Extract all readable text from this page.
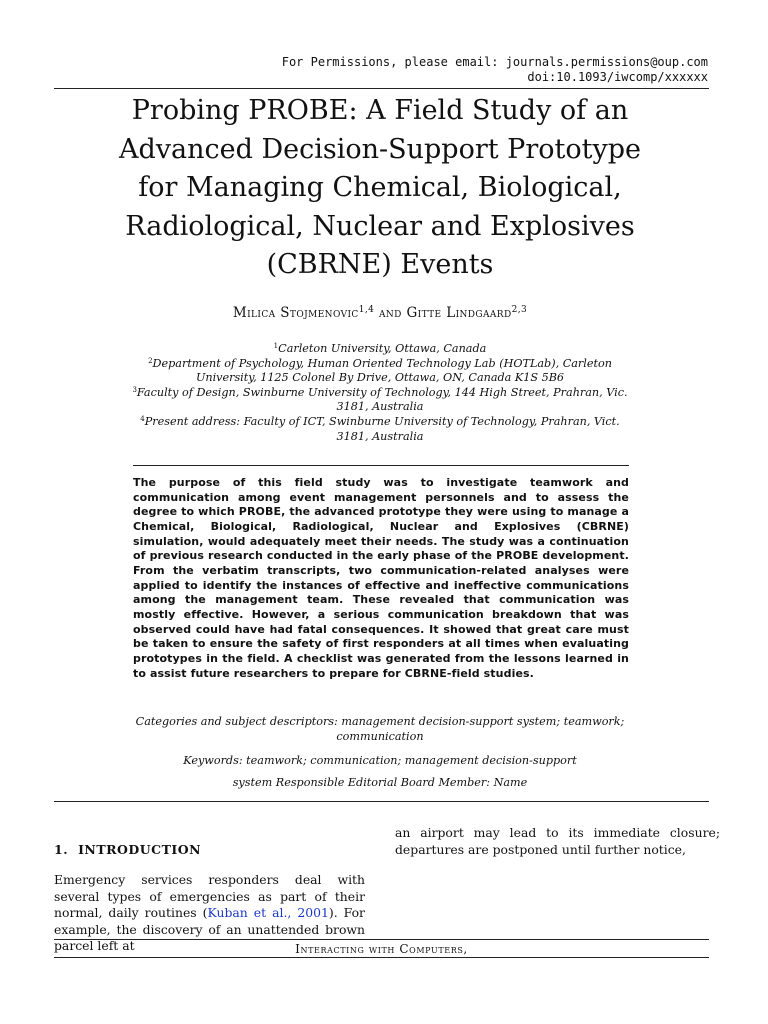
For Permissions, please email: journals.permissions@oup.com
doi:10.1093/iwcomp/xxxxxx
Probing PROBE: A Field Study of an
Advanced Decision-Support Prototype
for Managing Chemical, Biological,
Radiological, Nuclear and Explosives
(CBRNE) Events
Milica Stojmenovic$^{1,4}$ and Gitte Lindgaard$^{2,3}$

$^1$Carleton University, Ottawa, Canada

$^2$Department of Psychology, Human Oriented Technology Lab (HOTLab), Carleton University, 1125 Colonel By Drive, Ottawa, ON, Canada K1S 5B6

$^3$Faculty of Design, Swinburne University of Technology, 144 High Street, Prahran, Vic. 3181, Australia

$^4$Present address: Faculty of ICT, Swinburne University of Technology, Prahran, Vict. 3181, Australia

The purpose of this field study was to investigate teamwork and communication among event management personnels and to assess the degree to which PROBE, the advanced prototype they were using to manage a Chemical, Biological, Radiological, Nuclear and Explosives (CBRNE) simulation, would adequately meet their needs. The study was a continuation of previous research conducted in the early phase of the PROBE development. From the verbatim transcripts, two communication-related analyses were applied to identify the instances of effective and ineffective communications among the management team. These revealed that communication was mostly effective. However, a serious communication breakdown that was observed could have had fatal consequences. It showed that great care must be taken to ensure the safety of first responders at all times when evaluating prototypes in the field. A checklist was generated from the lessons learned in to assist future researchers to prepare for CBRNE-field studies.

Categories and subject descriptors: management decision-support system; teamwork; communication
Keywords: teamwork; communication; management decision-support
system Responsible Editorial Board Member: Name
1. INTRODUCTION
Emergency services responders deal with several types of emergencies as part of their normal, daily routines (Kuban et al., 2001). For example, the discovery of an unattended brown parcel left at
an airport may lead to its immediate closure; departures are postponed until further notice,
Interacting with Computers,
